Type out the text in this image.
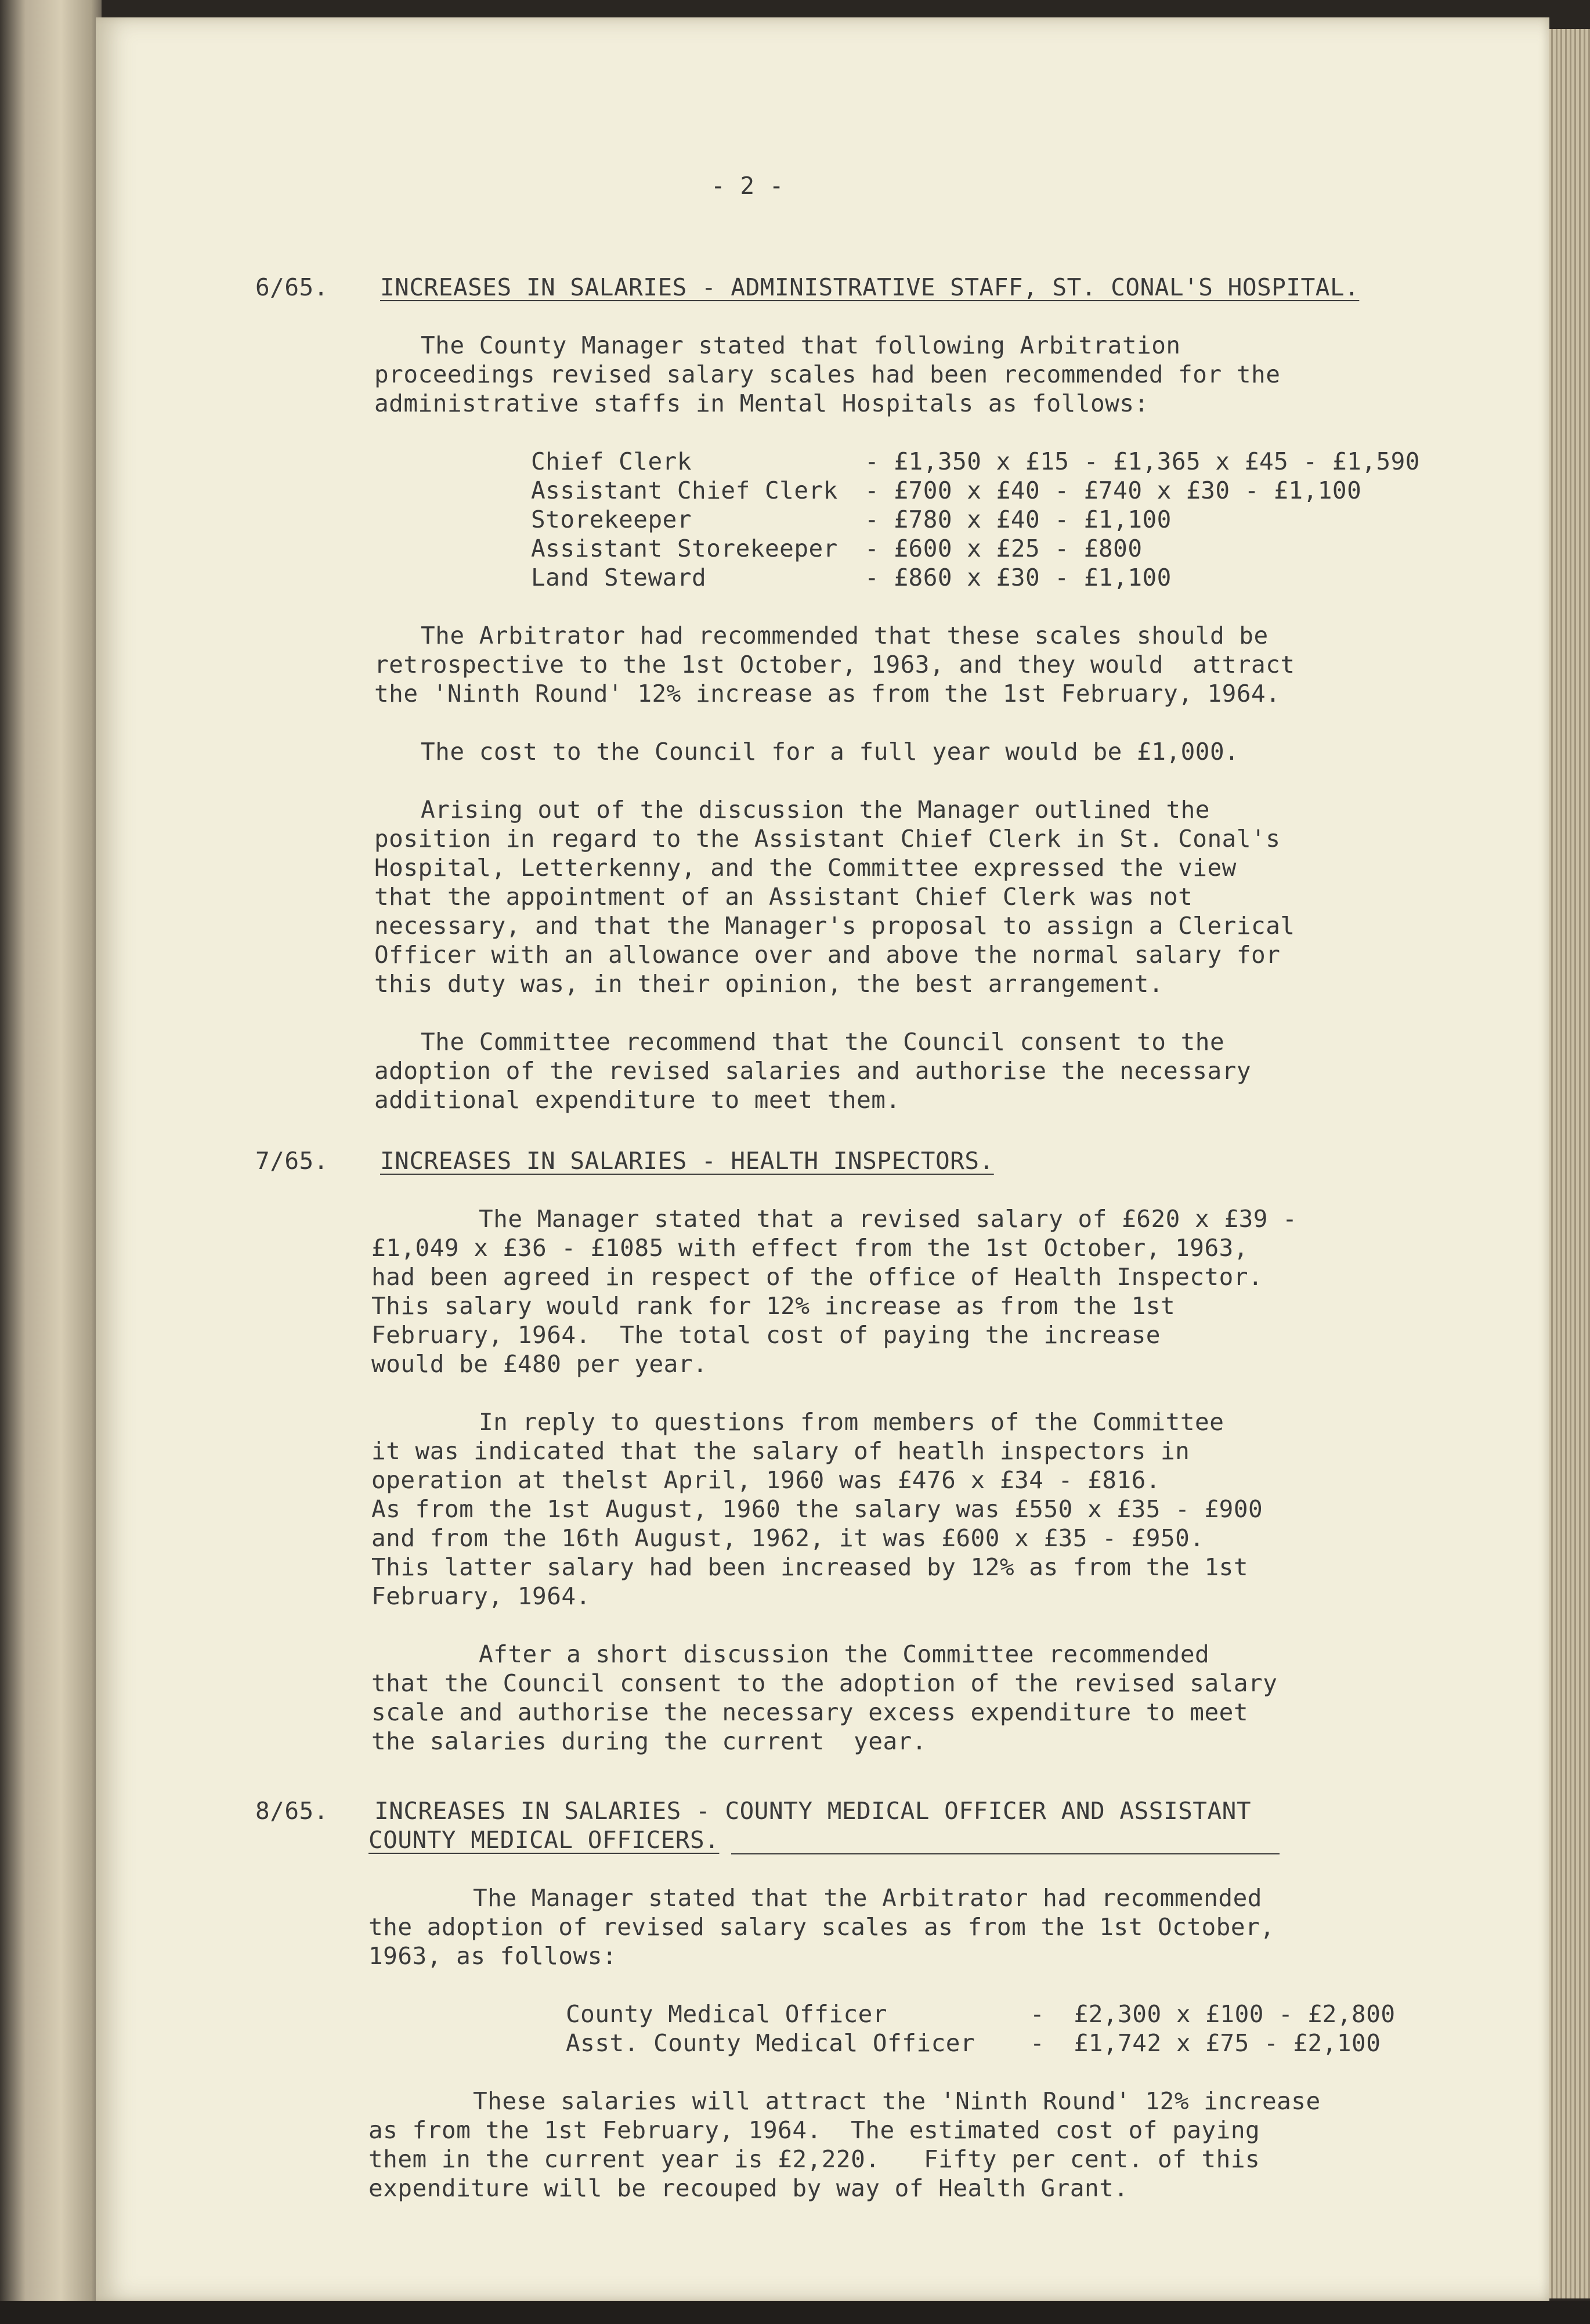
- 2 -
6/65. INCREASES IN SALARIES - ADMINISTRATIVE STAFF, ST. CONAL'S HOSPITAL.
The County Manager stated that following Arbitration
proceedings revised salary scales had been recommended for the
administrative staffs in Mental Hospitals as follows:
Chief Clerk	- £1,350 x £15 - £1,365 x £45 - £1,590
Assistant Chief Clerk - £700 x £40 - £740 x £30 - £1,100
Storekeeper	- £780 x £40 - £1,100
Assistant Storekeeper - £600 x £25 - £800
Land Steward	- £860 x £30 - £1,100
The Arbitrator had recommended that these scales should be
retrospective to the 1st October, 1963, and they would  attract
the 'Ninth Round' 12% increase as from the 1st February, 1964.
The cost to the Council for a full year would be £1,000.
Arising out of the discussion the Manager outlined the
position in regard to the Assistant Chief Clerk in St. Conal's
Hospital, Letterkenny, and the Committee expressed the view
that the appointment of an Assistant Chief Clerk was not
necessary, and that the Manager's proposal to assign a Clerical
Officer with an allowance over and above the normal salary for
this duty was, in their opinion, the best arrangement.
The Committee recommend that the Council consent to the
adoption of the revised salaries and authorise the necessary
additional expenditure to meet them.
7/65. INCREASES IN SALARIES - HEALTH INSPECTORS.
The Manager stated that a revised salary of £620 x £39 -
£1,049 x £36 - £1085 with effect from the 1st October, 1963,
had been agreed in respect of the office of Health Inspector.
This salary would rank for 12% increase as from the 1st
February, 1964.  The total cost of paying the increase
would be £480 per year.
In reply to questions from members of the Committee
it was indicated that the salary of heatlh inspectors in
operation at thelst April, 1960 was £476 x £34 - £816.
As from the 1st August, 1960 the salary was £550 x £35 - £900
and from the 16th August, 1962, it was £600 x £35 - £950.
This latter salary had been increased by 12% as from the 1st
February, 1964.
After a short discussion the Committee recommended
that the Council consent to the adoption of the revised salary
scale and authorise the necessary excess expenditure to meet
the salaries during the current  year.
8/65. INCREASES IN SALARIES - COUNTY MEDICAL OFFICER AND ASSISTANT
COUNTY MEDICAL OFFICERS.
The Manager stated that the Arbitrator had recommended
the adoption of revised salary scales as from the 1st October,
1963, as follows:
County Medical Officer	-  £2,300 x £100 - £2,800
Asst. County Medical Officer -  £1,742 x £75 - £2,100
These salaries will attract the 'Ninth Round' 12% increase
as from the 1st February, 1964.  The estimated cost of paying
them in the current year is £2,220.   Fifty per cent. of this
expenditure will be recouped by way of Health Grant.
